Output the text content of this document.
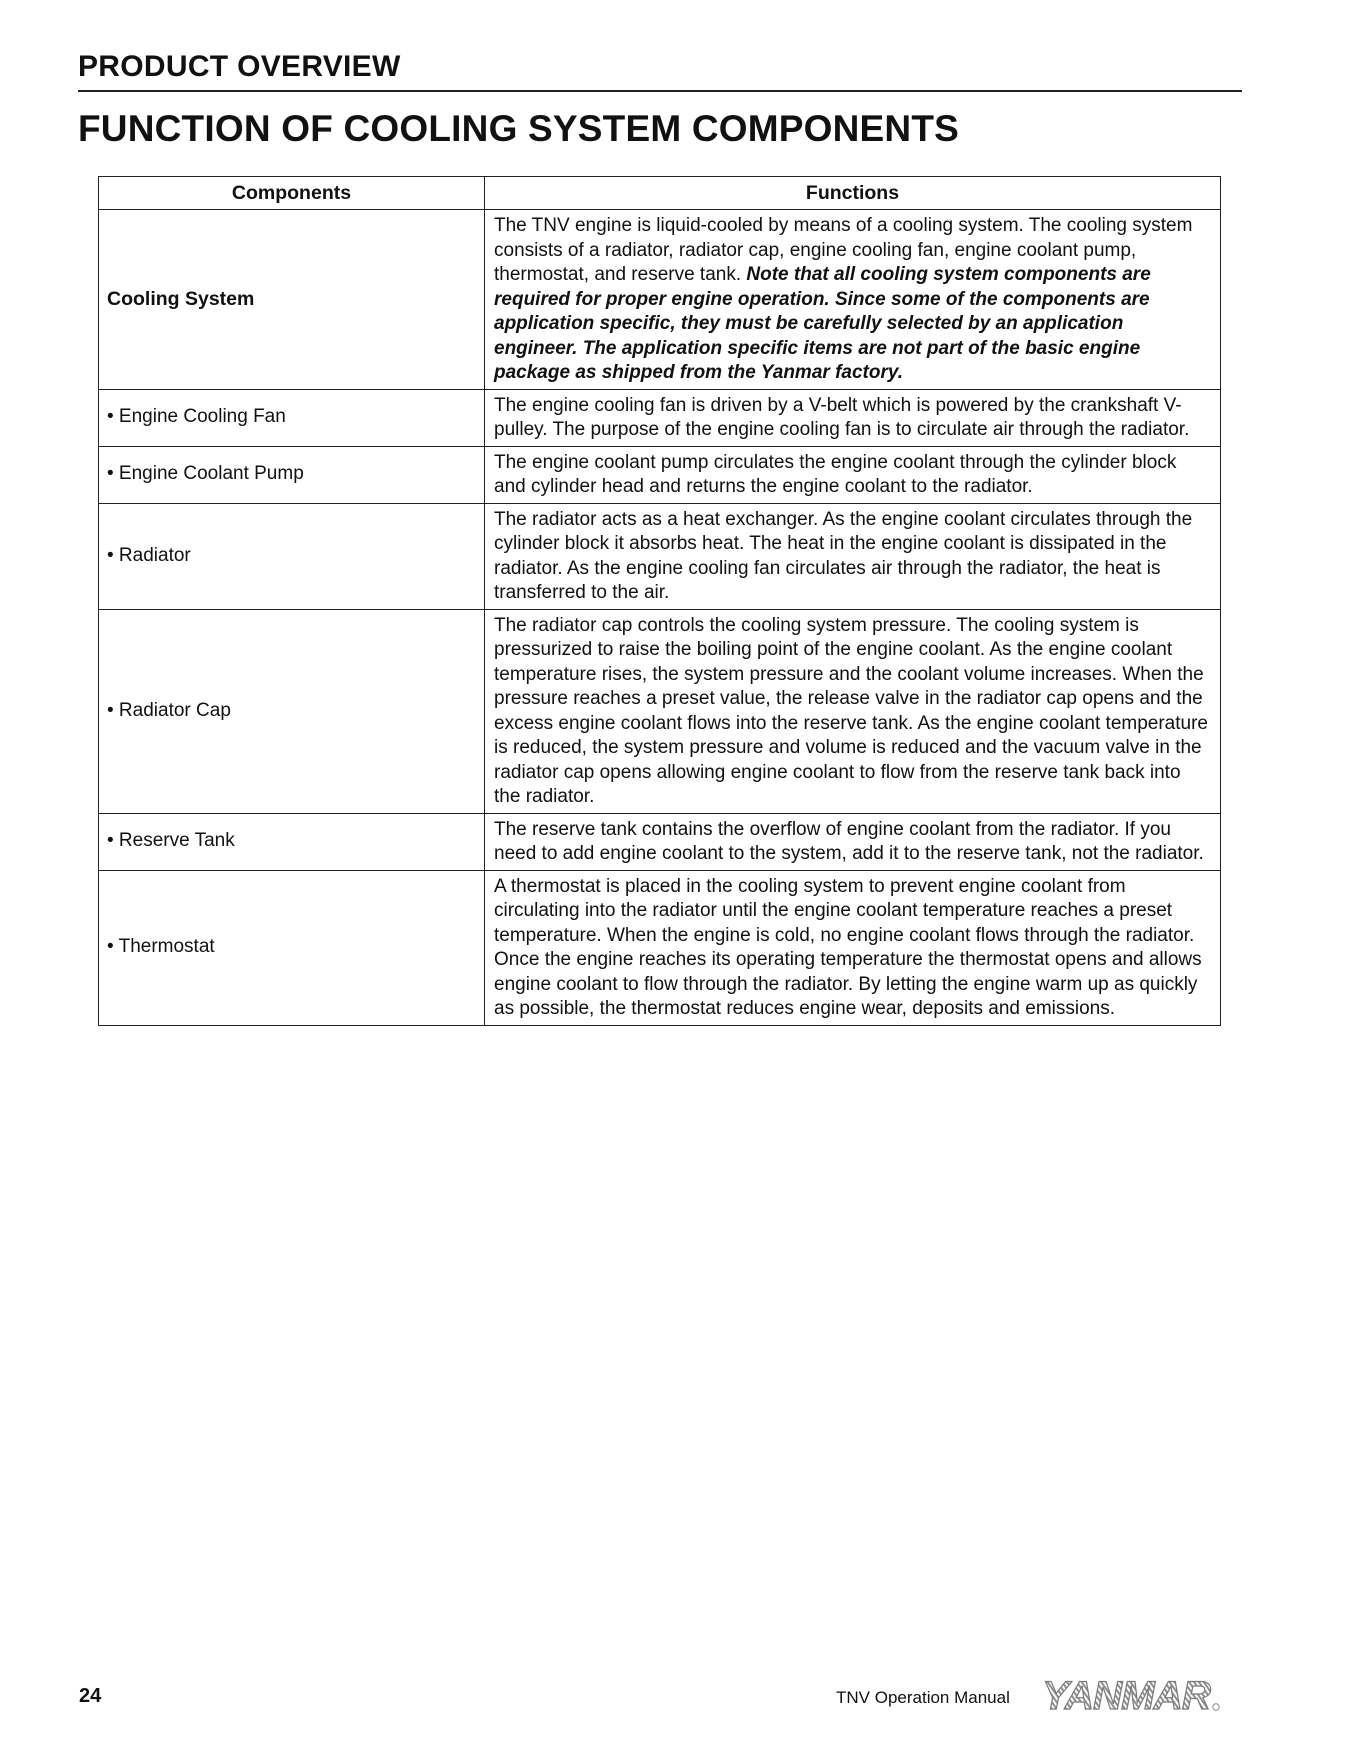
PRODUCT OVERVIEW
FUNCTION OF COOLING SYSTEM COMPONENTS
Components	Functions
Cooling System	The TNV engine is liquid-cooled by means of a cooling system. The cooling system consists of a radiator, radiator cap, engine cooling fan, engine coolant pump, thermostat, and reserve tank. Note that all cooling system components are required for proper engine operation. Since some of the components are application specific, they must be carefully selected by an application engineer. The application specific items are not part of the basic engine package as shipped from the Yanmar factory.
• Engine Cooling Fan	The engine cooling fan is driven by a V-belt which is powered by the crankshaft V-pulley. The purpose of the engine cooling fan is to circulate air through the radiator.
• Engine Coolant Pump	The engine coolant pump circulates the engine coolant through the cylinder block and cylinder head and returns the engine coolant to the radiator.
• Radiator	The radiator acts as a heat exchanger. As the engine coolant circulates through the cylinder block it absorbs heat. The heat in the engine coolant is dissipated in the radiator. As the engine cooling fan circulates air through the radiator, the heat is transferred to the air.
• Radiator Cap	The radiator cap controls the cooling system pressure. The cooling system is pressurized to raise the boiling point of the engine coolant. As the engine coolant temperature rises, the system pressure and the coolant volume increases. When the pressure reaches a preset value, the release valve in the radiator cap opens and the excess engine coolant flows into the reserve tank. As the engine coolant temperature is reduced, the system pressure and volume is reduced and the vacuum valve in the radiator cap opens allowing engine coolant to flow from the reserve tank back into the radiator.
• Reserve Tank	The reserve tank contains the overflow of engine coolant from the radiator. If you need to add engine coolant to the system, add it to the reserve tank, not the radiator.
• Thermostat	A thermostat is placed in the cooling system to prevent engine coolant from circulating into the radiator until the engine coolant temperature reaches a preset temperature. When the engine is cold, no engine coolant flows through the radiator. Once the engine reaches its operating temperature the thermostat opens and allows engine coolant to flow through the radiator. By letting the engine warm up as quickly as possible, the thermostat reduces engine wear, deposits and emissions.
24	TNV Operation Manual YANMAR
